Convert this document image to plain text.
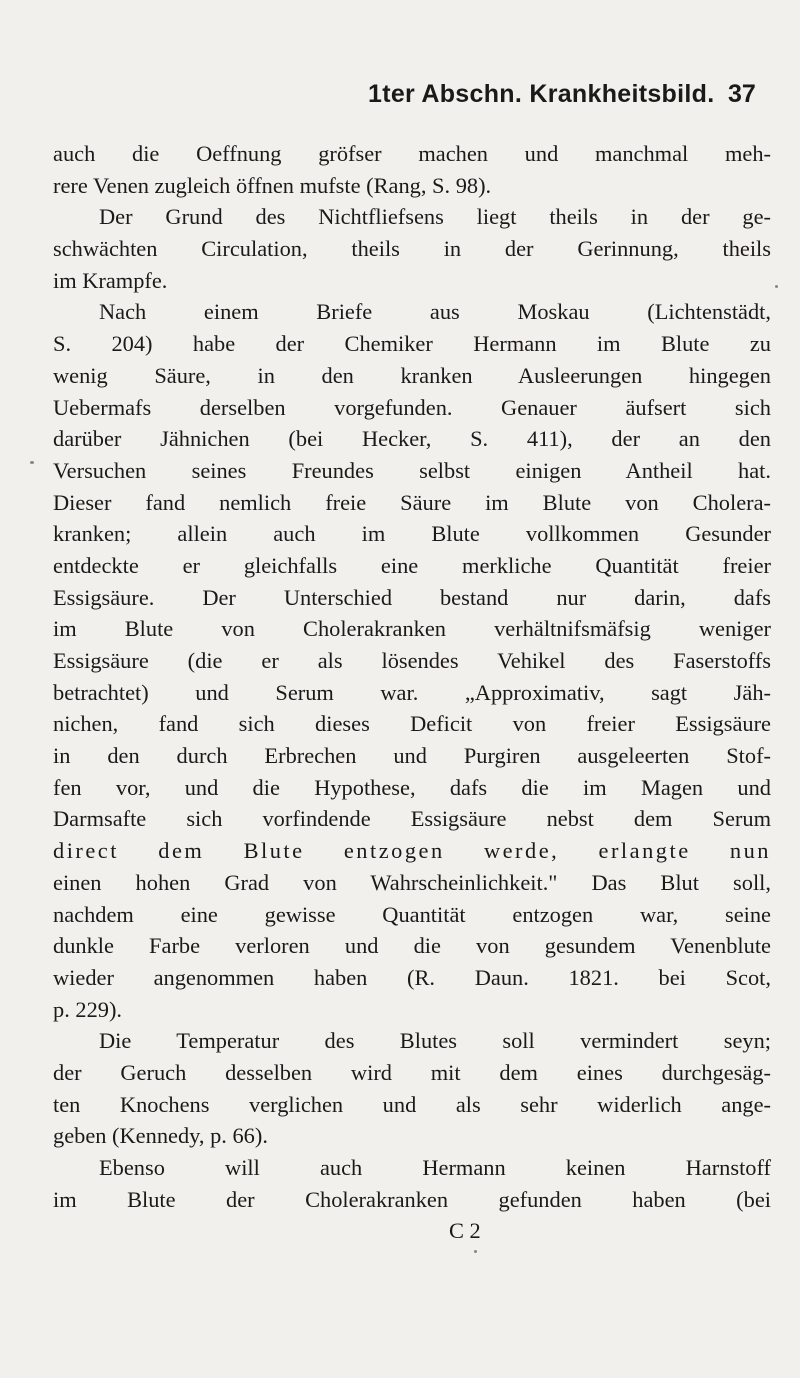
1ter Abschn. Krankheitsbild. 37
auch die Oeffnung gröfser machen und manchmal meh-
rere Venen zugleich öffnen mufste (Rang, S. 98).
Der Grund des Nichtfliefsens liegt theils in der ge-
schwächten Circulation, theils in der Gerinnung, theils
im Krampfe.
Nach einem Briefe aus Moskau (Lichtenstädt,
S. 204) habe der Chemiker Hermann im Blute zu
wenig Säure, in den kranken Ausleerungen hingegen
Uebermafs derselben vorgefunden. Genauer äufsert sich
darüber Jähnichen (bei Hecker, S. 411), der an den
Versuchen seines Freundes selbst einigen Antheil hat.
Dieser fand nemlich freie Säure im Blute von Cholera-
kranken; allein auch im Blute vollkommen Gesunder
entdeckte er gleichfalls eine merkliche Quantität freier
Essigsäure. Der Unterschied bestand nur darin, dafs
im Blute von Cholerakranken verhältnifsmäfsig weniger
Essigsäure (die er als lösendes Vehikel des Faserstoffs
betrachtet) und Serum war. „Approximativ, sagt Jäh-
nichen, fand sich dieses Deficit von freier Essigsäure
in den durch Erbrechen und Purgiren ausgeleerten Stof-
fen vor, und die Hypothese, dafs die im Magen und
Darmsafte sich vorfindende Essigsäure nebst dem Serum
direct dem Blute entzogen werde, erlangte nun
einen hohen Grad von Wahrscheinlichkeit." Das Blut soll,
nachdem eine gewisse Quantität entzogen war, seine
dunkle Farbe verloren und die von gesundem Venenblute
wieder angenommen haben (R. Daun. 1821. bei Scot,
p. 229).
Die Temperatur des Blutes soll vermindert seyn;
der Geruch desselben wird mit dem eines durchgesäg-
ten Knochens verglichen und als sehr widerlich ange-
geben (Kennedy, p. 66).
Ebenso will auch Hermann keinen Harnstoff
im Blute der Cholerakranken gefunden haben (bei
C 2
